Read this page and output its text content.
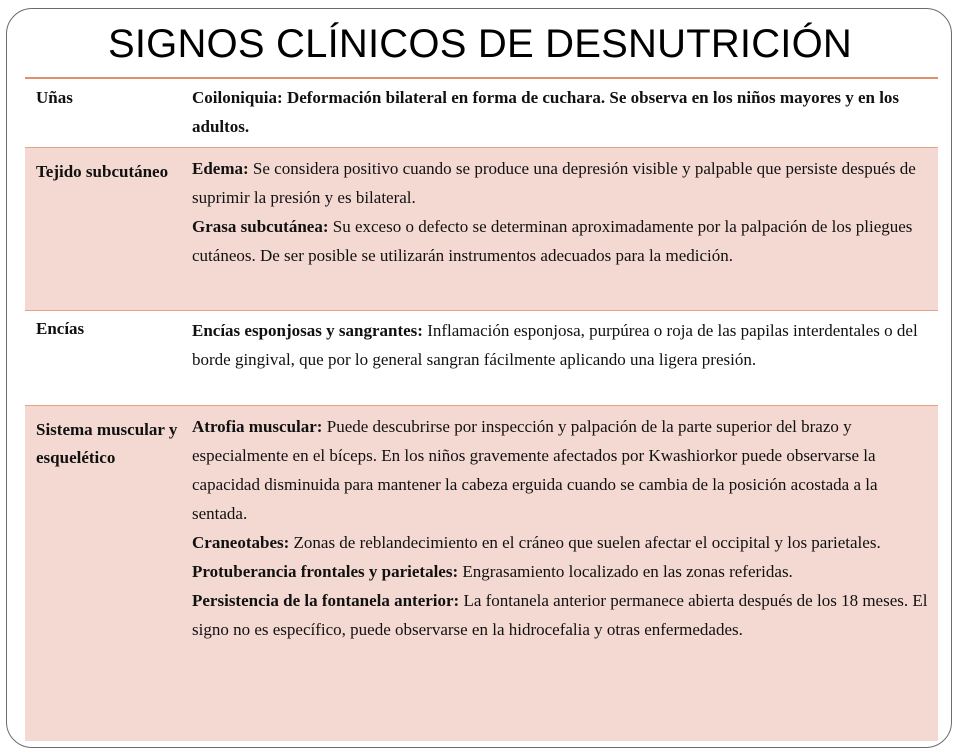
SIGNOS CLÍNICOS DE DESNUTRICIÓN
Uñas	Coiloniquia: Deformación bilateral en forma de cuchara. Se observa en los niños mayores y en los adultos.

Tejido subcutáneo	Edema: Se considera positivo cuando se produce una depresión visible y palpable que persiste después de suprimir la presión y es bilateral.
Grasa subcutánea: Su exceso o defecto se determinan aproximadamente por la palpación de los pliegues cutáneos. De ser posible se utilizarán instrumentos adecuados para la medición.

Encías	Encías esponjosas y sangrantes: Inflamación esponjosa, purpúrea o roja de las papilas interdentales o del borde gingival, que por lo general sangran fácilmente aplicando una ligera presión.

Sistema muscular y esquelético	Atrofia muscular: Puede descubrirse por inspección y palpación de la parte superior del brazo y especialmente en el bíceps. En los niños gravemente afectados por Kwashiorkor puede observarse la capacidad disminuida para mantener la cabeza erguida cuando se cambia de la posición acostada a la sentada.
Craneotabes: Zonas de reblandecimiento en el cráneo que suelen afectar el occipital y los parietales.
Protuberancia frontales y parietales: Engrasamiento localizado en las zonas referidas.
Persistencia de la fontanela anterior: La fontanela anterior permanece abierta después de los 18 meses. El signo no es específico, puede observarse en la hidrocefalia y otras enfermedades.
